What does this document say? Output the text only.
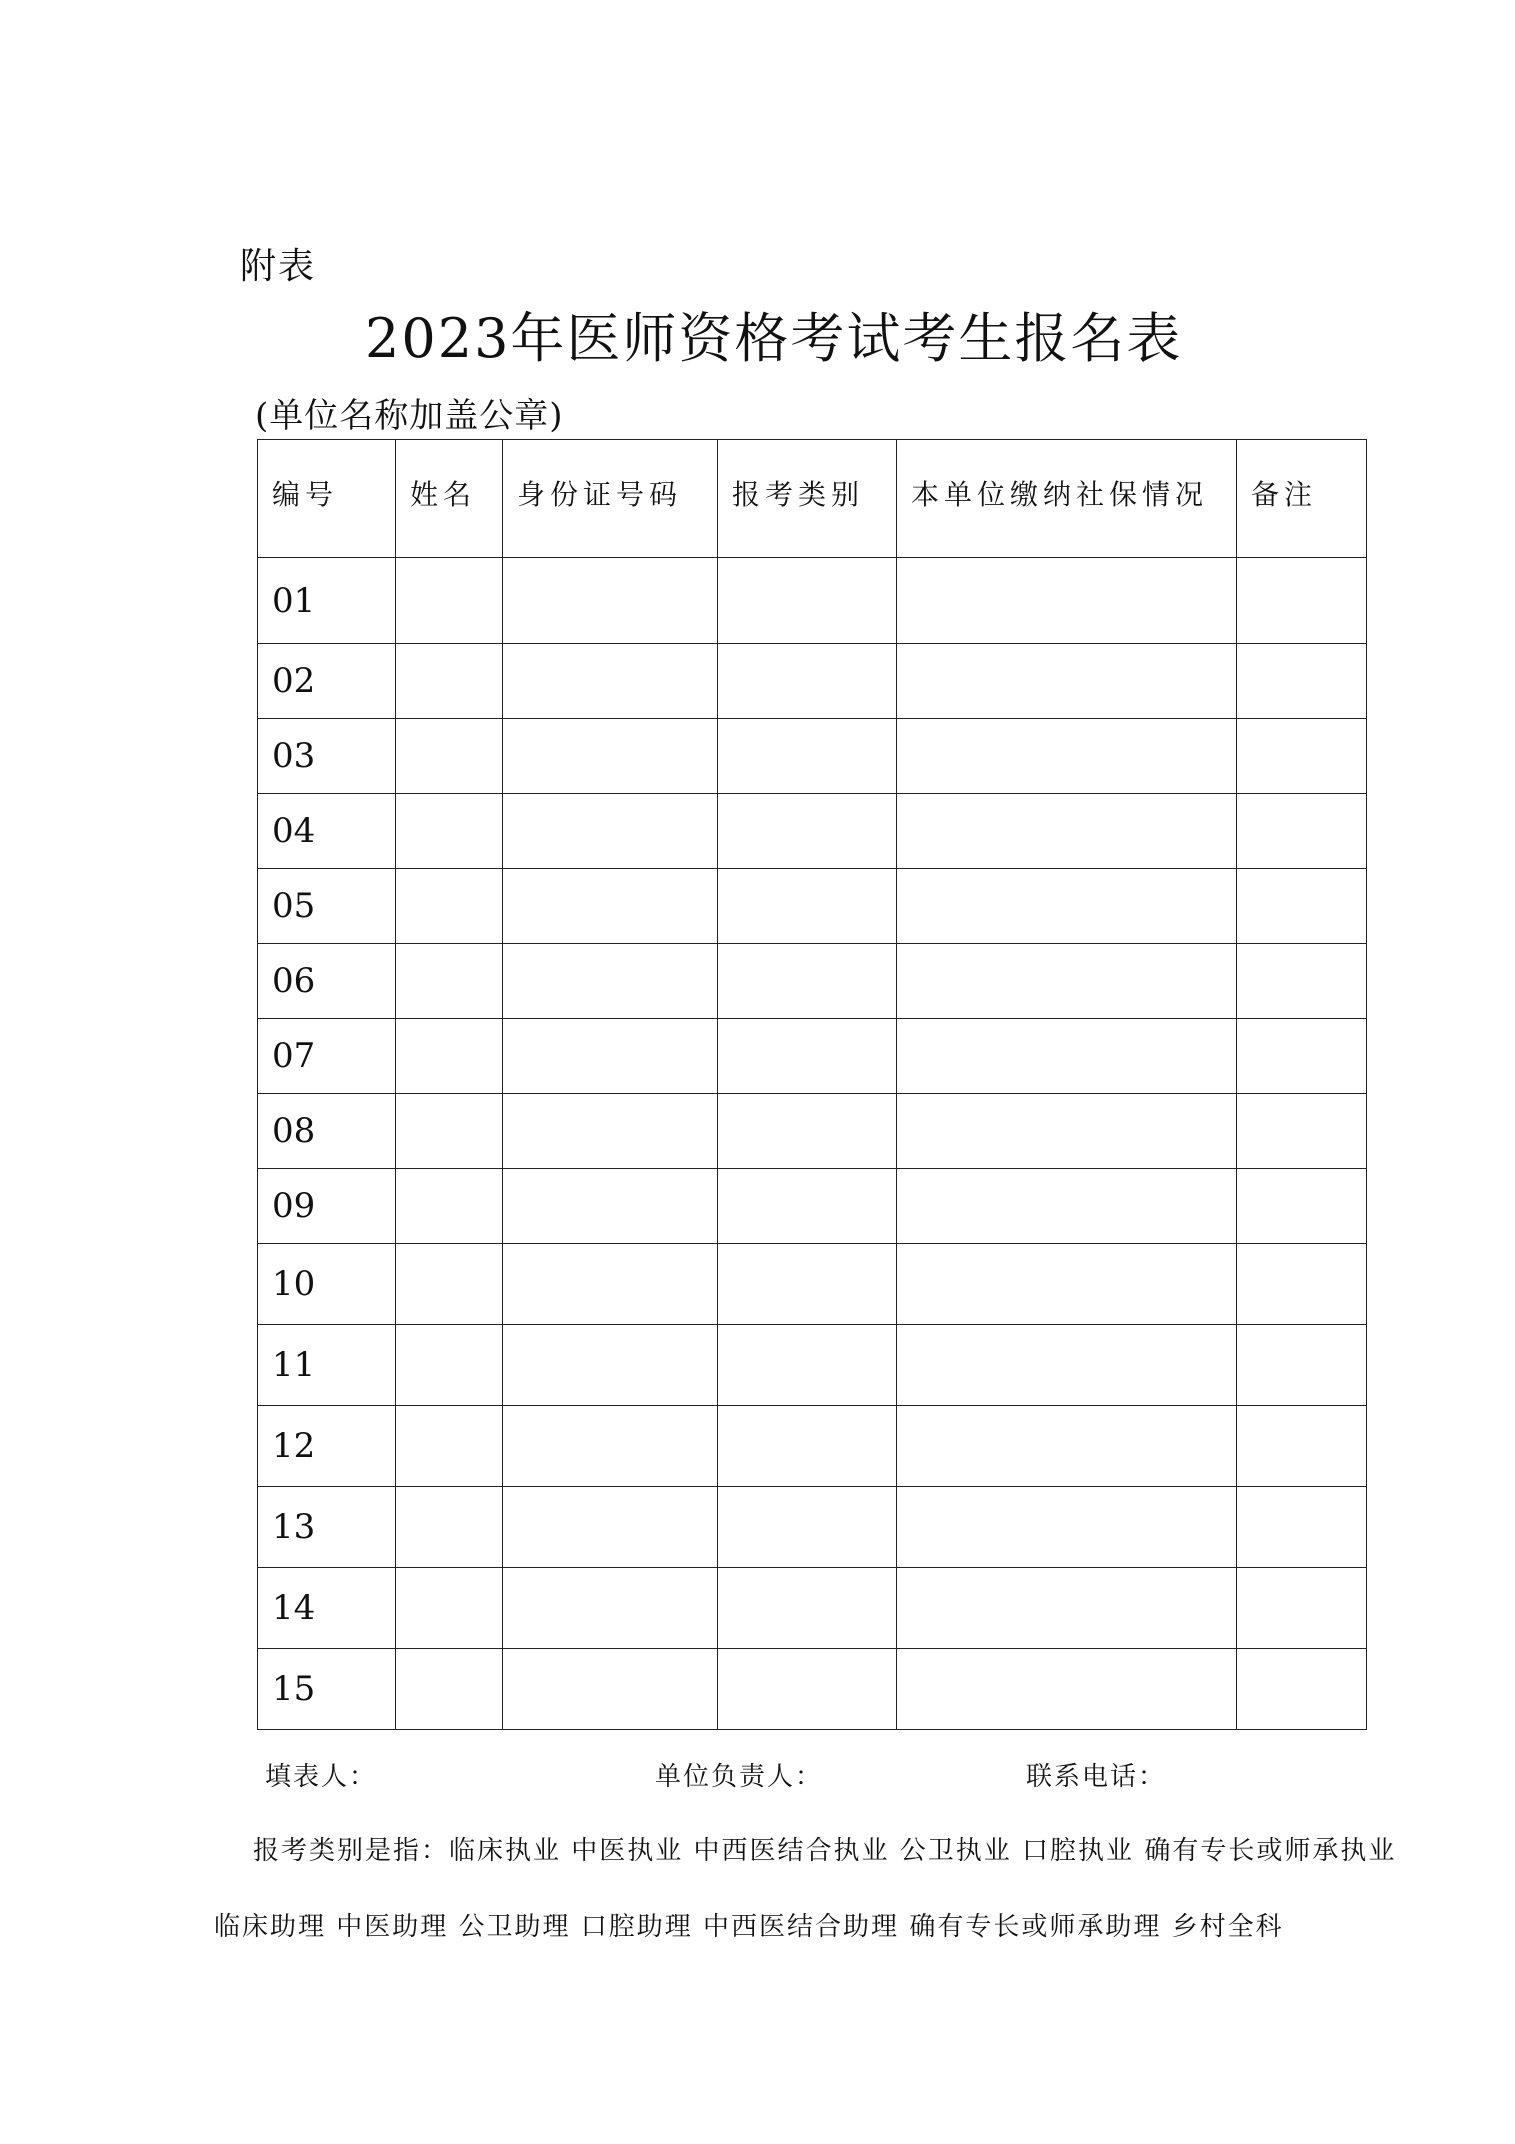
附表
2023年医师资格考试考生报名表
(单位名称加盖公章)
编号	姓名	身份证号码	报考类别	本单位缴纳社保情况	备注
01					
02					
03					
04					
05					
06					
07					
08					
09					
10					
11					
12					
13					
14					
15					
填表人：	单位负责人：	联系电话：
报考类别是指：临床执业 中医执业 中西医结合执业 公卫执业 口腔执业 确有专长或师承执业
临床助理 中医助理 公卫助理 口腔助理 中西医结合助理 确有专长或师承助理 乡村全科
